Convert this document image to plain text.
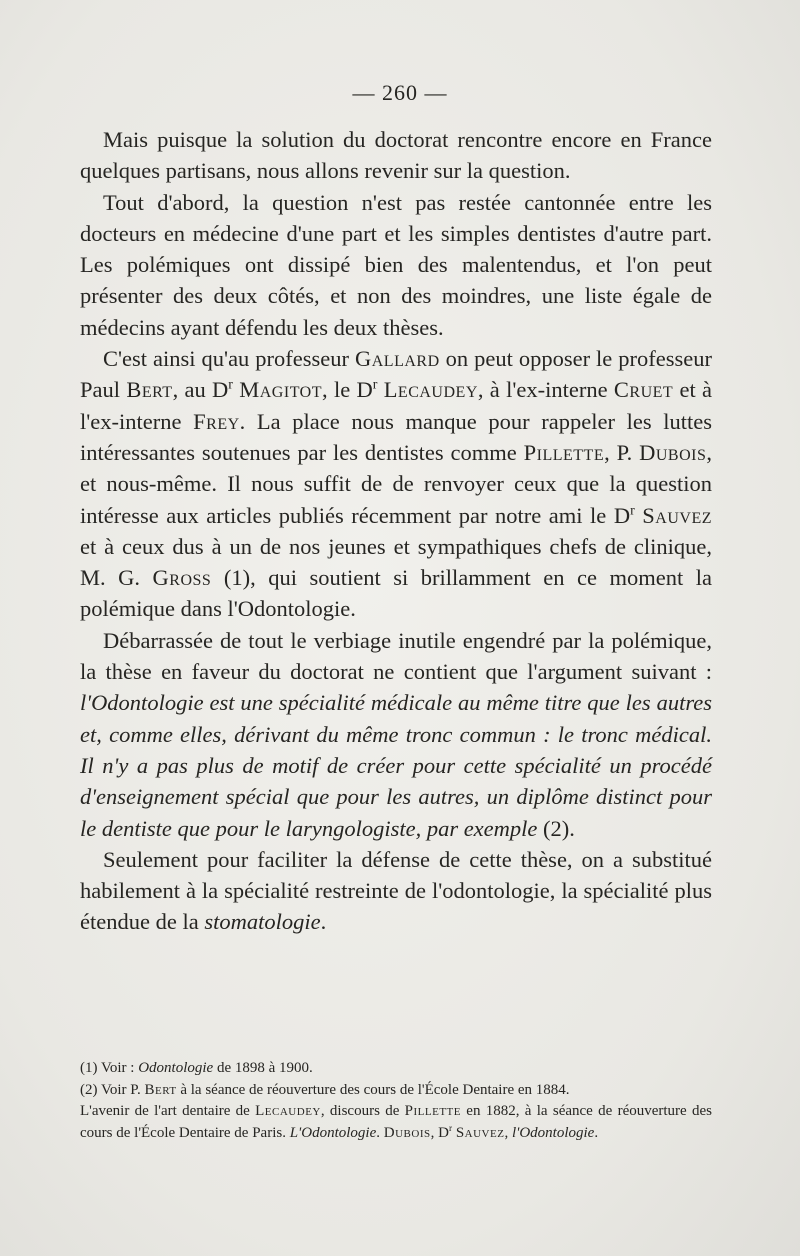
— 260 —

Mais puisque la solution du doctorat rencontre encore en France quelques partisans, nous allons revenir sur la question.

Tout d'abord, la question n'est pas restée cantonnée entre les docteurs en médecine d'une part et les simples dentistes d'autre part. Les polémiques ont dissipé bien des malentendus, et l'on peut présenter des deux côtés, et non des moindres, une liste égale de médecins ayant défendu les deux thèses.

C'est ainsi qu'au professeur Gallard on peut opposer le professeur Paul Bert, au $D^r$ Magitot, le $D^r$ Lecaudey, à l'ex-interne Cruet et à l'ex-interne Frey. La place nous manque pour rappeler les luttes intéressantes soutenues par les dentistes comme Pillette, P. Dubois, et nous-même. Il nous suffit de de renvoyer ceux que la question intéresse aux articles publiés récemment par notre ami le $D^r$ Sauvez et à ceux dus à un de nos jeunes et sympathiques chefs de clinique, M. G. Gross (1), qui soutient si brillamment en ce moment la polémique dans l'Odontologie.

Débarrassée de tout le verbiage inutile engendré par la polémique, la thèse en faveur du doctorat ne contient que l'argument suivant : l'Odontologie est une spécialité médicale au même titre que les autres et, comme elles, dérivant du même tronc commun : le tronc médical. Il n'y a pas plus de motif de créer pour cette spécialité un procédé d'enseignement spécial que pour les autres, un diplôme distinct pour le dentiste que pour le laryngologiste, par exemple (2).

Seulement pour faciliter la défense de cette thèse, on a substitué habilement à la spécialité restreinte de l'odontologie, la spécialité plus étendue de la stomatologie.

(1) Voir : Odontologie de 1898 à 1900.

(2) Voir P. Bert à la séance de réouverture des cours de l'École Dentaire en 1884.

L'avenir de l'art dentaire de Lecaudey, discours de Pillette en 1882, à la séance de réouverture des cours de l'École Dentaire de Paris. L'Odontologie. Dubois, $D^r$ Sauvez, l'Odontologie.
